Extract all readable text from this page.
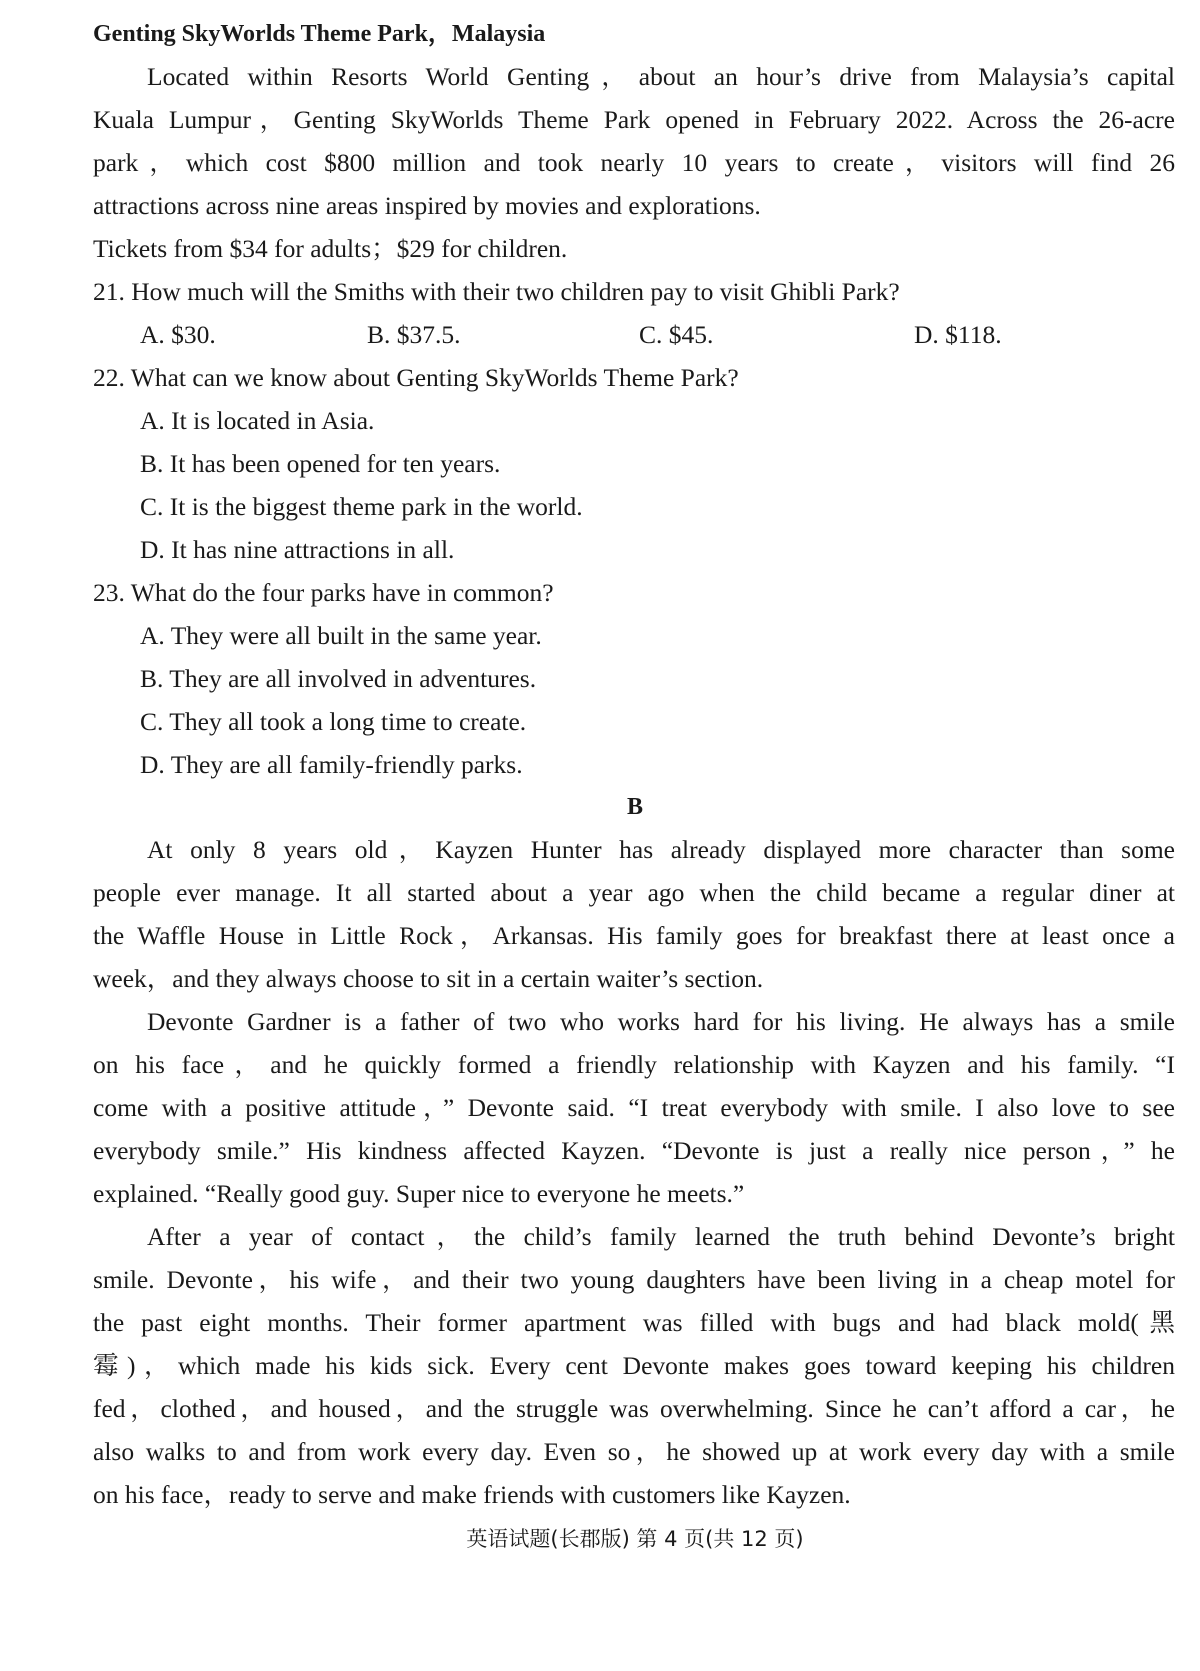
Genting SkyWorlds Theme Park，Malaysia
Located within Resorts World Genting，about an hour’s drive from Malaysia’s capital
Kuala Lumpur，Genting SkyWorlds Theme Park opened in February 2022. Across the 26-acre
park，which cost $800 million and took nearly 10 years to create，visitors will find 26
attractions across nine areas inspired by movies and explorations.
Tickets from $34 for adults；$29 for children.
21. How much will the Smiths with their two children pay to visit Ghibli Park?
A. $30.	B. $37.5.	C. $45.	D. $118.
22. What can we know about Genting SkyWorlds Theme Park?
A. It is located in Asia.
B. It has been opened for ten years.
C. It is the biggest theme park in the world.
D. It has nine attractions in all.
23. What do the four parks have in common?
A. They were all built in the same year.
B. They are all involved in adventures.
C. They all took a long time to create.
D. They are all family-friendly parks.
B
At only 8 years old，Kayzen Hunter has already displayed more character than some
people ever manage. It all started about a year ago when the child became a regular diner at
the Waffle House in Little Rock，Arkansas. His family goes for breakfast there at least once a
week，and they always choose to sit in a certain waiter’s section.
Devonte Gardner is a father of two who works hard for his living. He always has a smile
on his face，and he quickly formed a friendly relationship with Kayzen and his family. “I
come with a positive attitude，” Devonte said. “I treat everybody with smile. I also love to see
everybody smile.” His kindness affected Kayzen. “Devonte is just a really nice person，” he
explained. “Really good guy. Super nice to everyone he meets.”
After a year of contact，the child’s family learned the truth behind Devonte’s bright
smile. Devonte，his wife，and their two young daughters have been living in a cheap motel for
the past eight months. Their former apartment was filled with bugs and had black mold(黑
霉)，which made his kids sick. Every cent Devonte makes goes toward keeping his children
fed，clothed，and housed，and the struggle was overwhelming. Since he can’t afford a car，he
also walks to and from work every day. Even so，he showed up at work every day with a smile
on his face，ready to serve and make friends with customers like Kayzen.
英语试题(长郡版) 第 4 页(共 12 页)
